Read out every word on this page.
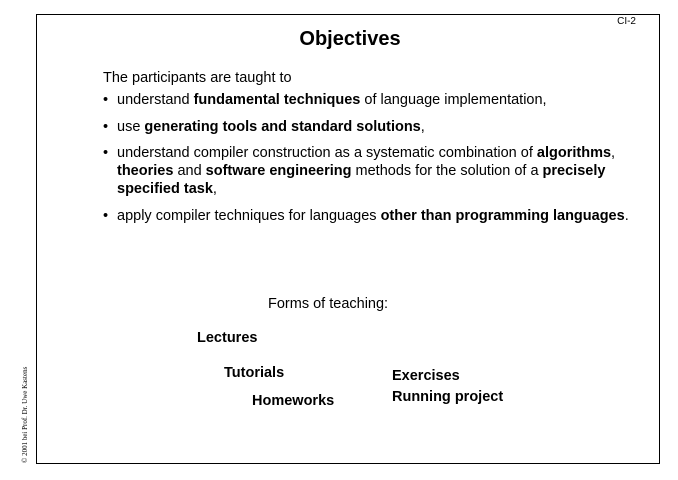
CI-2
Objectives
The participants are taught to
• understand fundamental techniques of language implementation,
• use generating tools and standard solutions,
• understand compiler construction as a systematic combination of algorithms, theories and software engineering methods for the solution of a precisely specified task,
• apply compiler techniques for languages other than programming languages.
Forms of teaching:
Lectures
Tutorials
Homeworks
Exercises
Running project
© 2001 bei Prof. Dr. Uwe Kastens
